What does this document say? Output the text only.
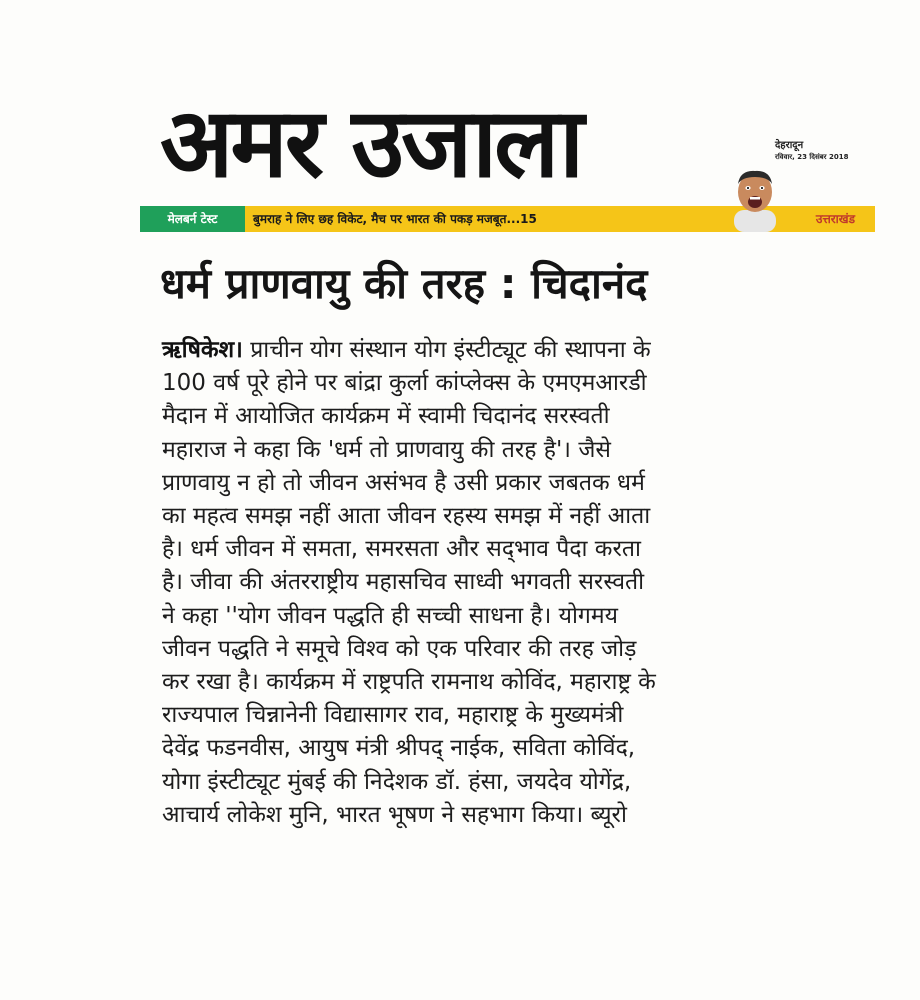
अमर उजाला	देहरादून
रविवार, 23 दिसंबर 2018
मेलबर्न टेस्ट	बुमराह ने लिए छह विकेट, मैच पर भारत की पकड़ मजबूत...15	उत्तराखंड
धर्म प्राणवायु की तरह : चिदानंद
ऋषिकेश। प्राचीन योग संस्थान योग इंस्टीट्यूट की स्थापना के
100 वर्ष पूरे होने पर बांद्रा कुर्ला कांप्लेक्स के एमएमआरडी
मैदान में आयोजित कार्यक्रम में स्वामी चिदानंद सरस्वती
महाराज ने कहा कि 'धर्म तो प्राणवायु की तरह है'। जैसे
प्राणवायु न हो तो जीवन असंभव है उसी प्रकार जबतक धर्म
का महत्व समझ नहीं आता जीवन रहस्य समझ में नहीं आता
है। धर्म जीवन में समता, समरसता और सद्‌भाव पैदा करता
है। जीवा की अंतरराष्ट्रीय महासचिव साध्वी भगवती सरस्वती
ने कहा ''योग जीवन पद्धति ही सच्ची साधना है। योगमय
जीवन पद्धति ने समूचे विश्व को एक परिवार की तरह जोड़
कर रखा है। कार्यक्रम में राष्ट्रपति रामनाथ कोविंद, महाराष्ट्र के
राज्यपाल चिन्नानेनी विद्यासागर राव, महाराष्ट्र के मुख्यमंत्री
देवेंद्र फडनवीस, आयुष मंत्री श्रीपद्‌ नाईक, सविता कोविंद,
योगा इंस्टीट्यूट मुंबई की निदेशक डॉ. हंसा, जयदेव योगेंद्र,
आचार्य लोकेश मुनि, भारत भूषण ने सहभाग किया। ब्यूरो
